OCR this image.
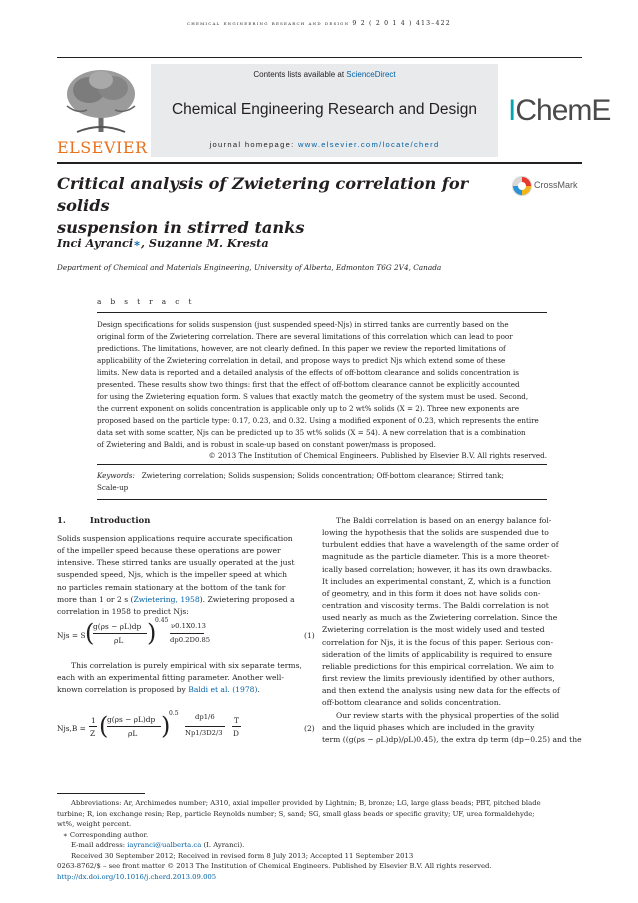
chemical engineering research and design 9 2 ( 2 0 1 4 ) 413–422
ELSEVIER
Contents lists available at ScienceDirect
Chemical Engineering Research and Design
journal homepage: www.elsevier.com/locate/cherd
IChemE
Critical analysis of Zwietering correlation for solids
suspension in stirred tanks
CrossMark
Inci Ayranci∗, Suzanne M. Kresta
Department of Chemical and Materials Engineering, University of Alberta, Edmonton T6G 2V4, Canada
a b s t r a c t
Design specifications for solids suspension (just suspended speed-Njs) in stirred tanks are currently based on the
original form of the Zwietering correlation. There are several limitations of this correlation which can lead to poor
predictions. The limitations, however, are not clearly defined. In this paper we review the reported limitations of
applicability of the Zwietering correlation in detail, and propose ways to predict Njs which extend some of these
limits. New data is reported and a detailed analysis of the effects of off-bottom clearance and solids concentration is
presented. These results show two things: first that the effect of off-bottom clearance cannot be explicitly accounted
for using the Zwietering equation form. S values that exactly match the geometry of the system must be used. Second,
the current exponent on solids concentration is applicable only up to 2 wt% solids (X = 2). Three new exponents are
proposed based on the particle type: 0.17, 0.23, and 0.32. Using a modified exponent of 0.23, which represents the entire
data set with some scatter, Njs can be predicted up to 35 wt% solids (X = 54). A new correlation that is a combination
of Zwietering and Baldi, and is robust in scale-up based on constant power/mass is proposed.
© 2013 The Institution of Chemical Engineers. Published by Elsevier B.V. All rights reserved.
Keywords: Zwietering correlation; Solids suspension; Solids concentration; Off-bottom clearance; Stirred tank;
Scale-up
1.	Introduction
Solids suspension applications require accurate specification
of the impeller speed because these operations are power
intensive. These stirred tanks are usually operated at the just
suspended speed, Njs, which is the impeller speed at which
no particles remain stationary at the bottom of the tank for
more than 1 or 2 s (Zwietering, 1958). Zwietering proposed a
correlation in 1958 to predict Njs:
Njs = S (
g(ρs − ρL)dp
ρL )
0.45
ν0.1X0.13
dp0.2D0.85	(1)
This correlation is purely empirical with six separate terms,
each with an experimental fitting parameter. Another well-
known correlation is proposed by Baldi et al. (1978).
Njs,B =
1
Z (
g(ρs − ρL)dp
ρL )
0.5 dp1/6
Np1/3D2/3
T
D
(2)
The Baldi correlation is based on an energy balance fol-
lowing the hypothesis that the solids are suspended due to
turbulent eddies that have a wavelength of the same order of
magnitude as the particle diameter. This is a more theoret-
ically based correlation; however, it has its own drawbacks.
It includes an experimental constant, Z, which is a function
of geometry, and in this form it does not have solids con-
centration and viscosity terms. The Baldi correlation is not
used nearly as much as the Zwietering correlation. Since the
Zwietering correlation is the most widely used and tested
correlation for Njs, it is the focus of this paper. Serious con-
sideration of the limits of applicability is required to ensure
reliable predictions for this empirical correlation. We aim to
first review the limits previously identified by other authors,
and then extend the analysis using new data for the effects of
off-bottom clearance and solids concentration.
Our review starts with the physical properties of the solid
and the liquid phases which are included in the gravity
term ((g(ρs − ρL)dp)/ρL)0.45), the extra dp term (dp−0.25) and the

Abbreviations: Ar, Archimedes number; A310, axial impeller provided by Lightnin; B, bronze; LG, large glass beads; PBT, pitched blade

turbine; R, ion exchange resin; Rep, particle Reynolds number; S, sand; SG, small glass beads or specific gravity; UF, urea formaldehyde;

wt%, weight percent.

∗ Corresponding author.

E-mail address: iayranci@ualberta.ca (I. Ayranci).

Received 30 September 2012; Received in revised form 8 July 2013; Accepted 11 September 2013

0263-8762/$ – see front matter © 2013 The Institution of Chemical Engineers. Published by Elsevier B.V. All rights reserved.

http://dx.doi.org/10.1016/j.cherd.2013.09.005
